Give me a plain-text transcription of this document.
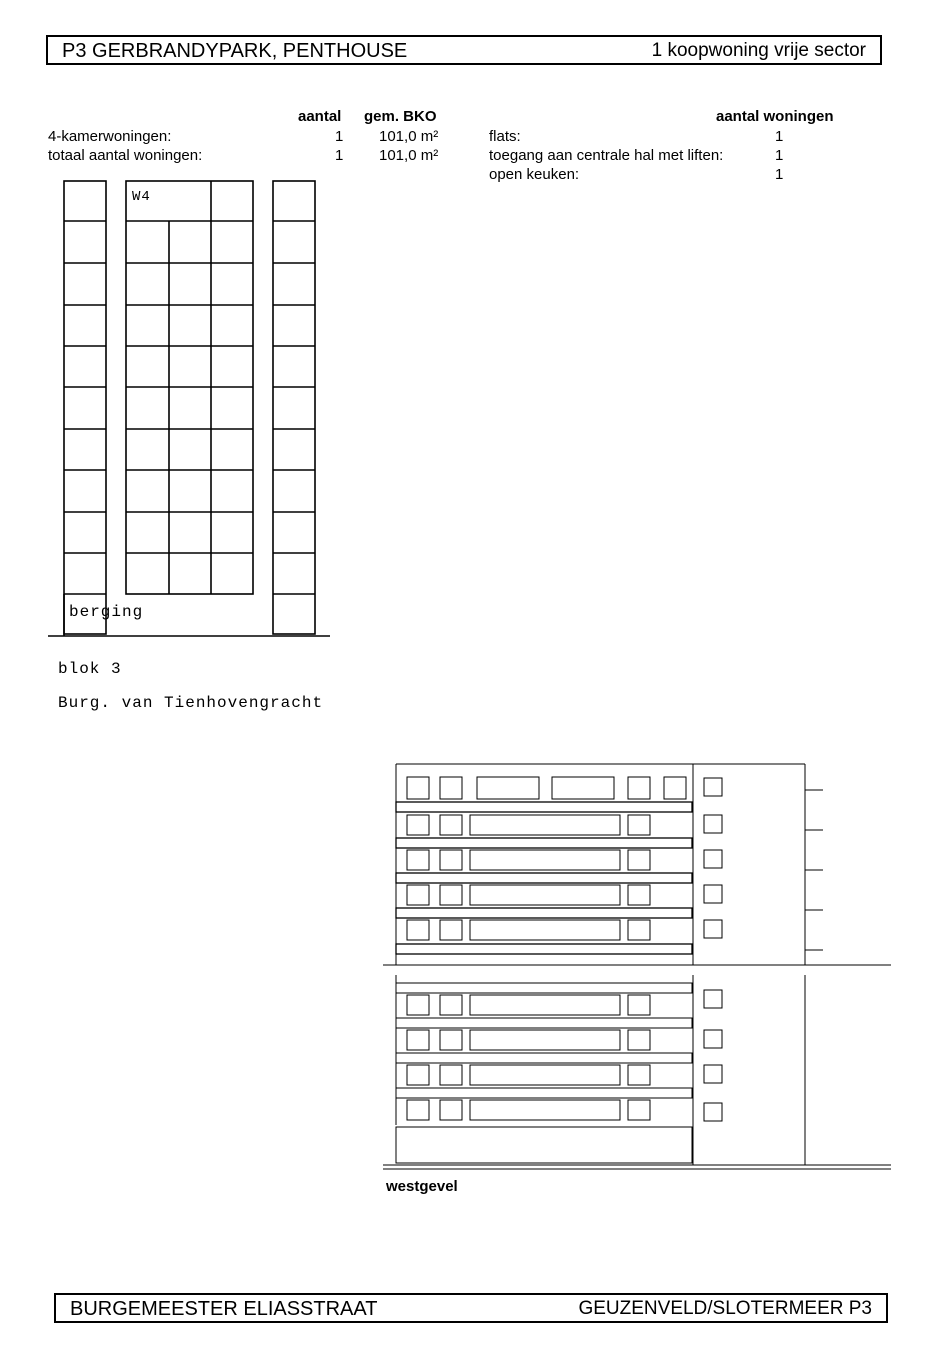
P3 GERBRANDYPARK, PENTHOUSE	1 koopwoning vrije sector
aantal gem. BKO
4-kamerwoningen:	1 101,0 m²
totaal aantal woningen:	1 101,0 m²
aantal woningen
flats:	1
toegang aan centrale hal met liften:	1
open keuken:	1
W4
berging
blok 3
Burg. van Tienhovengracht
westgevel
BURGEMEESTER ELIASSTRAAT	GEUZENVELD/SLOTERMEER P3
